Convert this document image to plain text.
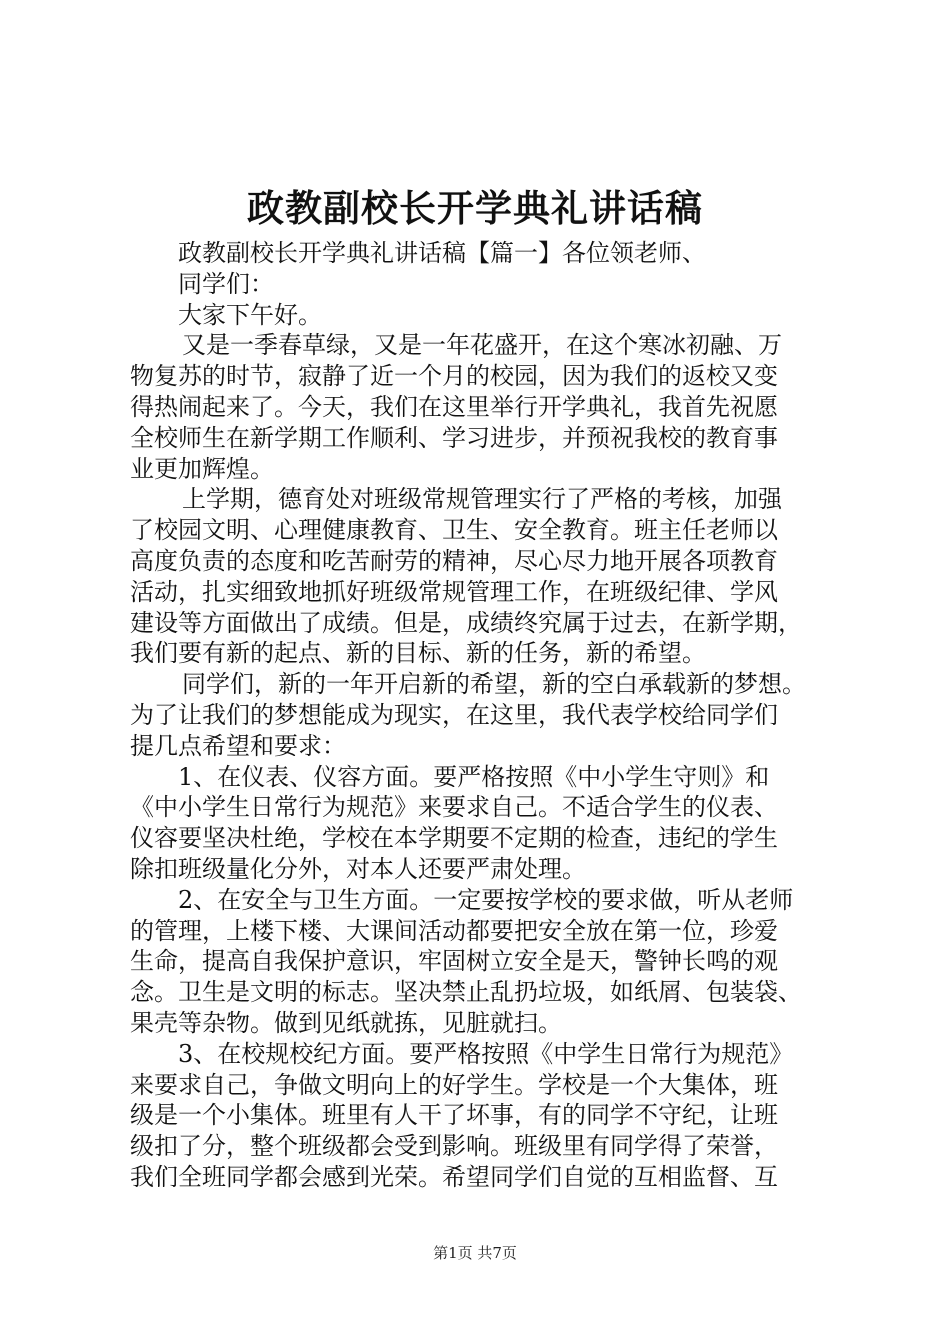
政教副校长开学典礼讲话稿
政教副校长开学典礼讲话稿【篇一】各位领老师、
同学们：
大家下午好。
又是一季春草绿，又是一年花盛开，在这个寒冰初融、万
物复苏的时节，寂静了近一个月的校园，因为我们的返校又变
得热闹起来了。今天，我们在这里举行开学典礼，我首先祝愿
全校师生在新学期工作顺利、学习进步，并预祝我校的教育事
业更加辉煌。
上学期，德育处对班级常规管理实行了严格的考核，加强
了校园文明、心理健康教育、卫生、安全教育。班主任老师以
高度负责的态度和吃苦耐劳的精神，尽心尽力地开展各项教育
活动，扎实细致地抓好班级常规管理工作，在班级纪律、学风
建设等方面做出了成绩。但是，成绩终究属于过去，在新学期，
我们要有新的起点、新的目标、新的任务，新的希望。
同学们，新的一年开启新的希望，新的空白承载新的梦想。
为了让我们的梦想能成为现实，在这里，我代表学校给同学们
提几点希望和要求：
1、在仪表、仪容方面。要严格按照《中小学生守则》和
《中小学生日常行为规范》来要求自己。不适合学生的仪表、
仪容要坚决杜绝，学校在本学期要不定期的检查，违纪的学生
除扣班级量化分外，对本人还要严肃处理。
2、在安全与卫生方面。一定要按学校的要求做，听从老师
的管理，上楼下楼、大课间活动都要把安全放在第一位，珍爱
生命，提高自我保护意识，牢固树立安全是天，警钟长鸣的观
念。卫生是文明的标志。坚决禁止乱扔垃圾，如纸屑、包装袋、
果壳等杂物。做到见纸就拣，见脏就扫。
3、在校规校纪方面。要严格按照《中学生日常行为规范》
来要求自己，争做文明向上的好学生。学校是一个大集体，班
级是一个小集体。班里有人干了坏事，有的同学不守纪，让班
级扣了分，整个班级都会受到影响。班级里有同学得了荣誉，
我们全班同学都会感到光荣。希望同学们自觉的互相监督、互
第1页 共7页
